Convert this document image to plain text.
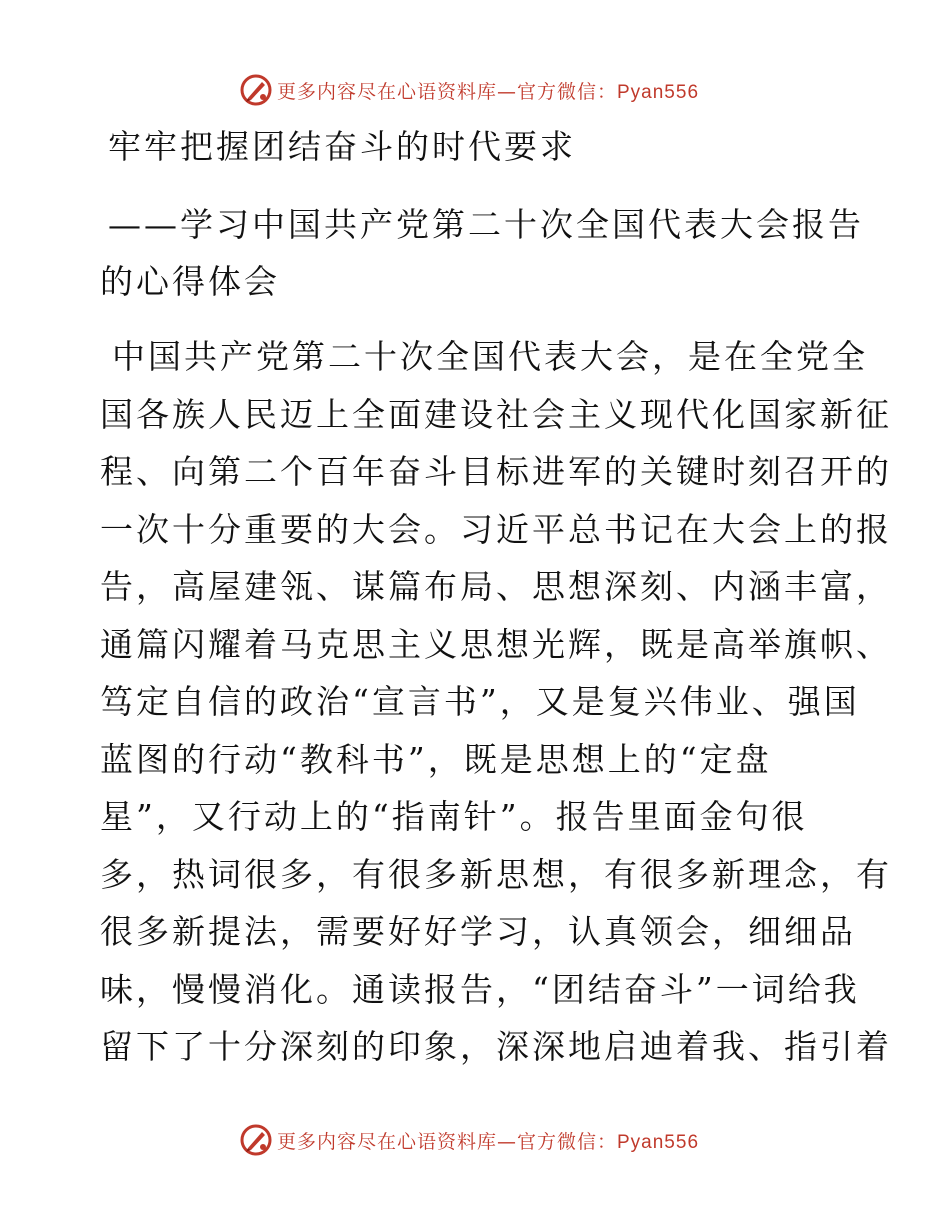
更多内容尽在心语资料库—官方微信：Pyan556
牢牢把握团结奋斗的时代要求
——学习中国共产党第二十次全国代表大会报告
的心得体会
中国共产党第二十次全国代表大会，是在全党全
国各族人民迈上全面建设社会主义现代化国家新征
程、向第二个百年奋斗目标进军的关键时刻召开的
一次十分重要的大会。习近平总书记在大会上的报
告，高屋建瓴、谋篇布局、思想深刻、内涵丰富，
通篇闪耀着马克思主义思想光辉，既是高举旗帜、
笃定自信的政治“宣言书”，又是复兴伟业、强国
蓝图的行动“教科书”，既是思想上的“定盘
星”，又行动上的“指南针”。报告里面金句很
多，热词很多，有很多新思想，有很多新理念，有
很多新提法，需要好好学习，认真领会，细细品
味，慢慢消化。通读报告，“团结奋斗”一词给我
留下了十分深刻的印象，深深地启迪着我、指引着
更多内容尽在心语资料库—官方微信：Pyan556
